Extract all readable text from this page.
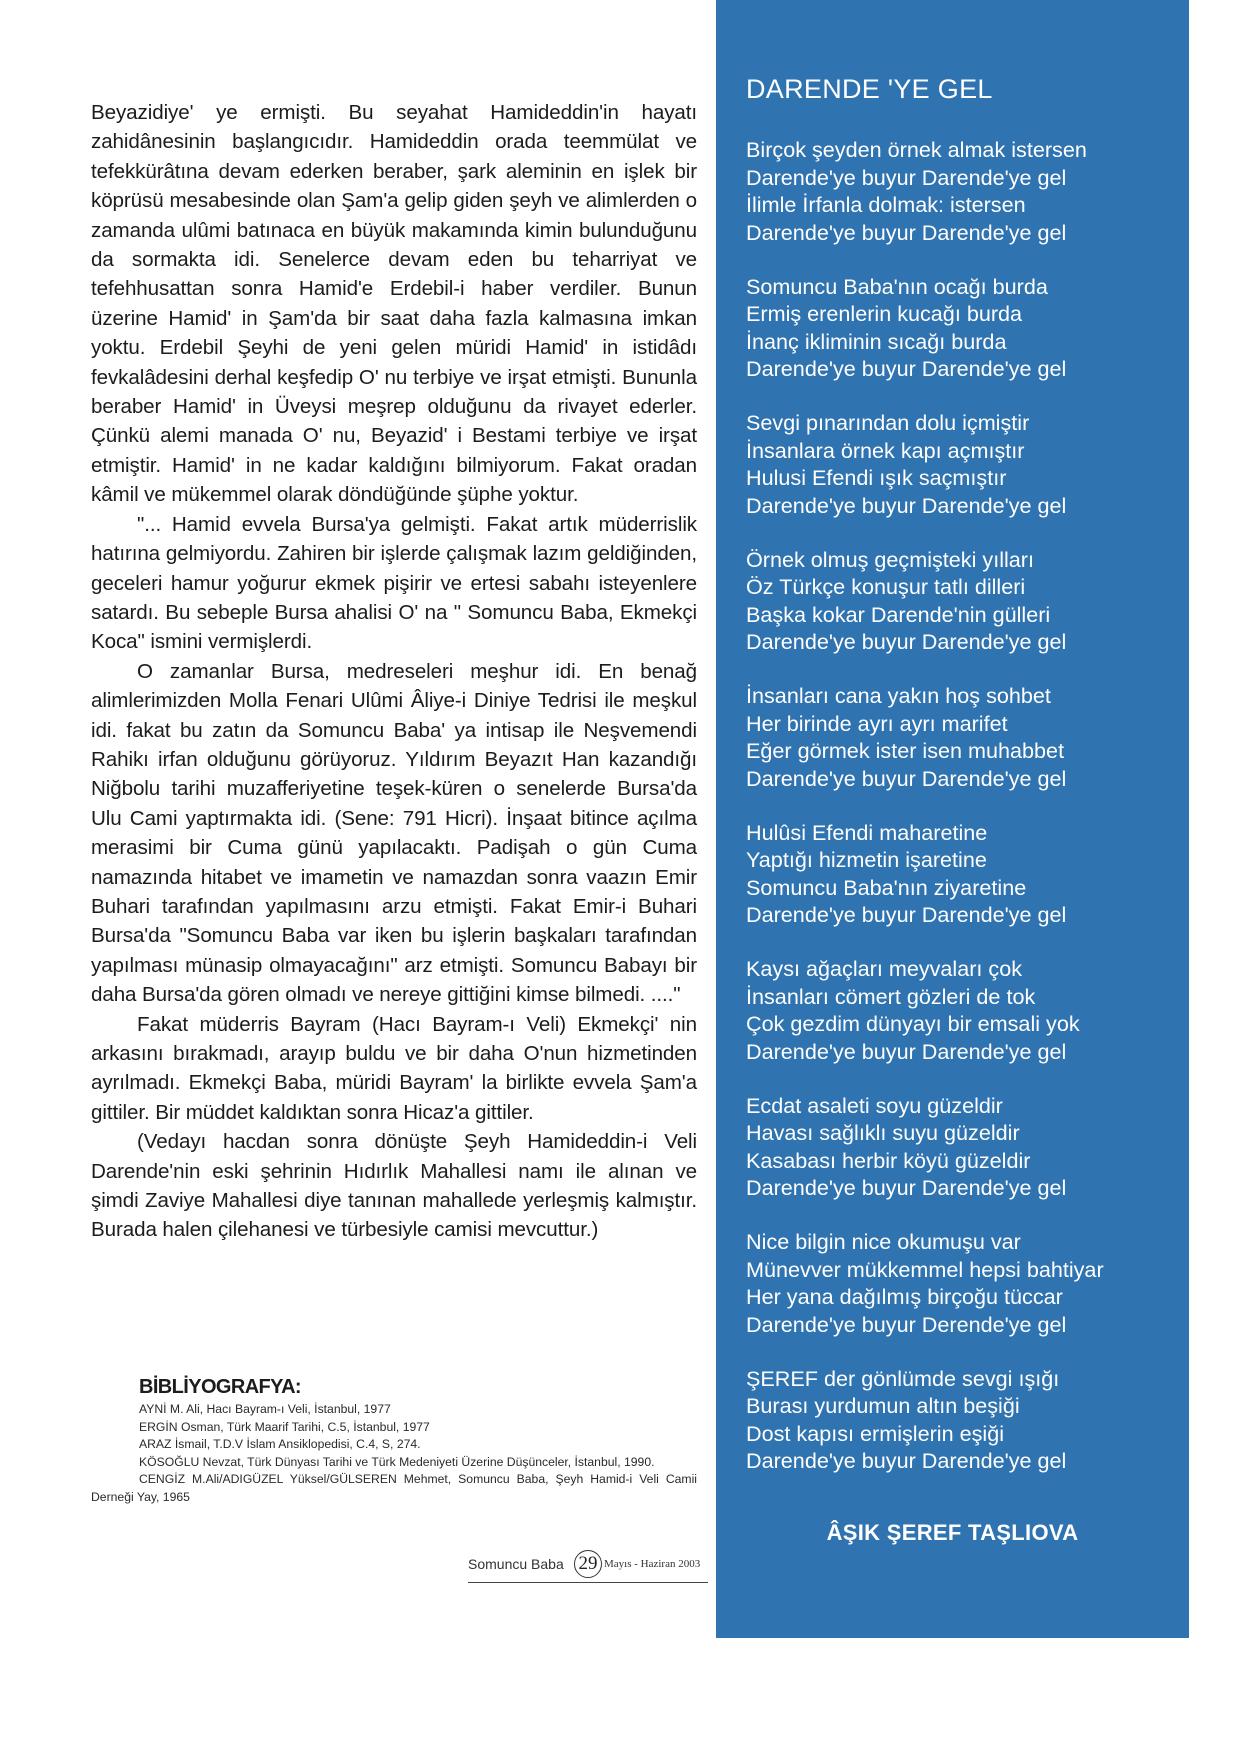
Beyazidiye' ye ermişti. Bu seyahat Hamideddin'in hayatı zahidânesinin başlangıcıdır. Hamideddin orada teemmülat ve tefekkürâtına devam ederken beraber, şark aleminin en işlek bir köprüsü mesabesinde olan Şam'a gelip giden şeyh ve alimlerden o zamanda ulûmi batınaca en büyük makamında kimin bulunduğunu da sormakta idi. Senelerce devam eden bu teharriyat ve tefehhusattan sonra Hamid'e Erdebil-i haber verdiler. Bunun üzerine Hamid' in Şam'da bir saat daha fazla kalmasına imkan yoktu. Erdebil Şeyhi de yeni gelen müridi Hamid' in istidâdı fevkalâdesini derhal keşfedip O' nu terbiye ve irşat etmişti. Bununla beraber Hamid' in Üveysi meşrep olduğunu da rivayet ederler. Çünkü alemi manada O' nu, Beyazid' i Bestami terbiye ve irşat etmiştir. Hamid' in ne kadar kaldığını bilmiyorum. Fakat oradan kâmil ve mükemmel olarak döndüğünde şüphe yoktur.

"... Hamid evvela Bursa'ya gelmişti. Fakat artık müderrislik hatırına gelmiyordu. Zahiren bir işlerde çalışmak lazım geldiğinden, geceleri hamur yoğurur ekmek pişirir ve ertesi sabahı isteyenlere satardı. Bu sebeple Bursa ahalisi O' na " Somuncu Baba, Ekmekçi Koca" ismini vermişlerdi.

O zamanlar Bursa, medreseleri meşhur idi. En benağ alimlerimizden Molla Fenari Ulûmi Âliye-i Diniye Tedrisi ile meşkul idi. fakat bu zatın da Somuncu Baba' ya intisap ile Neşvemendi Rahikı irfan olduğunu görüyoruz. Yıldırım Beyazıt Han kazandığı Niğbolu tarihi muzafferiyetine teşek-küren o senelerde Bursa'da Ulu Cami yaptırmakta idi. (Sene: 791 Hicri). İnşaat bitince açılma merasimi bir Cuma günü yapılacaktı. Padişah o gün Cuma namazında hitabet ve imametin ve namazdan sonra vaazın Emir Buhari tarafından yapılmasını arzu etmişti. Fakat Emir-i Buhari Bursa'da "Somuncu Baba var iken bu işlerin başkaları tarafından yapılması münasip olmayacağını" arz etmişti. Somuncu Babayı bir daha Bursa'da gören olmadı ve nereye gittiğini kimse bilmedi. ...."

Fakat müderris Bayram (Hacı Bayram-ı Veli) Ekmekçi' nin arkasını bırakmadı, arayıp buldu ve bir daha O'nun hizmetinden ayrılmadı. Ekmekçi Baba, müridi Bayram' la birlikte evvela Şam'a gittiler. Bir müddet kaldıktan sonra Hicaz'a gittiler.

(Vedayı hacdan sonra dönüşte Şeyh Hamideddin-i Veli Darende'nin eski şehrinin Hıdırlık Mahallesi namı ile alınan ve şimdi Zaviye Mahallesi diye tanınan mahallede yerleşmiş kalmıştır. Burada halen çilehanesi ve türbesiyle camisi mevcuttur.)

BİBLİYOGRAFYA:
AYNİ M. Ali, Hacı Bayram-ı Veli, İstanbul, 1977
ERGİN Osman, Türk Maarif Tarihi, C.5, İstanbul, 1977
ARAZ İsmail, T.D.V İslam Ansiklopedisi, C.4, S, 274.
KÖSOĞLU Nevzat, Türk Dünyası Tarihi ve Türk Medeniyeti Üzerine Düşünceler, İstanbul, 1990.
CENGİZ M.Ali/ADIGÜZEL Yüksel/GÜLSEREN Mehmet, Somuncu Baba, Şeyh Hamid-i Veli Camii Derneği Yay, 1965
Somuncu Baba 29 Mayıs - Haziran 2003
DARENDE 'YE GEL
Birçok şeyden örnek almak istersen
Darende'ye buyur Darende'ye gel
İlimle İrfanla dolmak: istersen
Darende'ye buyur Darende'ye gel
Somuncu Baba'nın ocağı burda
Ermiş erenlerin kucağı burda
İnanç ikliminin sıcağı burda
Darende'ye buyur Darende'ye gel
Sevgi pınarından dolu içmiştir
İnsanlara örnek kapı açmıştır
Hulusi Efendi ışık saçmıştır
Darende'ye buyur Darende'ye gel
Örnek olmuş geçmişteki yılları
Öz Türkçe konuşur tatlı dilleri
Başka kokar Darende'nin gülleri
Darende'ye buyur Darende'ye gel
İnsanları cana yakın hoş sohbet
Her birinde ayrı ayrı marifet
Eğer görmek ister isen muhabbet
Darende'ye buyur Darende'ye gel
Hulûsi Efendi maharetine
Yaptığı hizmetin işaretine
Somuncu Baba'nın ziyaretine
Darende'ye buyur Darende'ye gel
Kaysı ağaçları meyvaları çok
İnsanları cömert gözleri de tok
Çok gezdim dünyayı bir emsali yok
Darende'ye buyur Darende'ye gel
Ecdat asaleti soyu güzeldir
Havası sağlıklı suyu güzeldir
Kasabası herbir köyü güzeldir
Darende'ye buyur Darende'ye gel
Nice bilgin nice okumuşu var
Münevver mükkemmel hepsi bahtiyar
Her yana dağılmış birçoğu tüccar
Darende'ye buyur Derende'ye gel
ŞEREF der gönlümde sevgi ışığı
Burası yurdumun altın beşiği
Dost kapısı ermişlerin eşiği
Darende'ye buyur Darende'ye gel
ÂŞIK ŞEREF TAŞLIOVA
